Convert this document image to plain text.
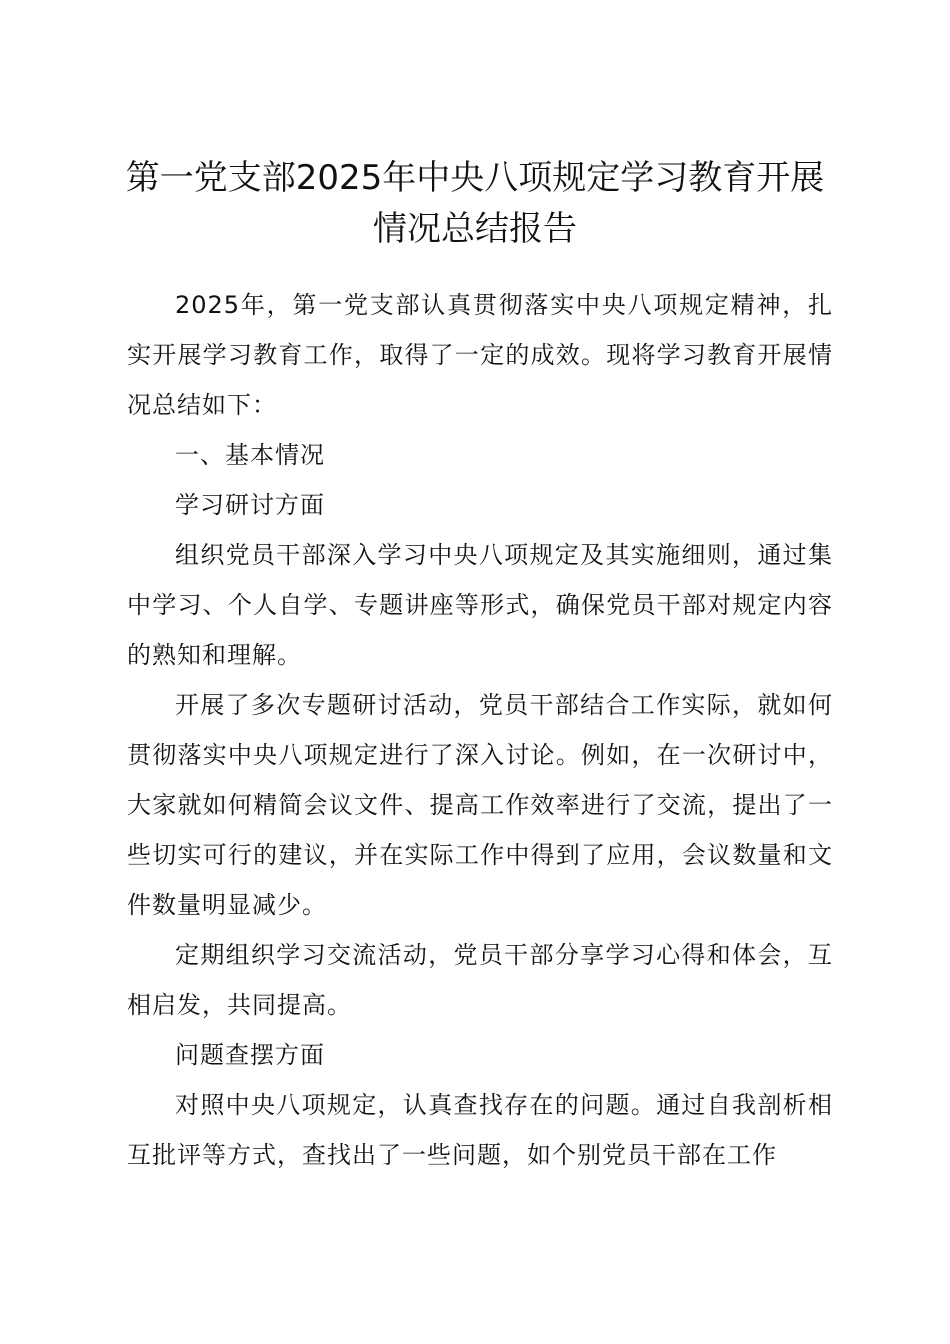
第一党支部2025年中央八项规定学习教育开展情况总结报告

2025年，第一党支部认真贯彻落实中央八项规定精神，扎实开展学习教育工作，取得了一定的成效。现将学习教育开展情况总结如下：

一、基本情况

学习研讨方面

组织党员干部深入学习中央八项规定及其实施细则，通过集中学习、个人自学、专题讲座等形式，确保党员干部对规定内容的熟知和理解。

开展了多次专题研讨活动，党员干部结合工作实际，就如何贯彻落实中央八项规定进行了深入讨论。例如，在一次研讨中，大家就如何精简会议文件、提高工作效率进行了交流，提出了一些切实可行的建议，并在实际工作中得到了应用，会议数量和文件数量明显减少。

定期组织学习交流活动，党员干部分享学习心得和体会，互相启发，共同提高。

问题查摆方面

对照中央八项规定，认真查找存在的问题。通过自我剖析相互批评等方式，查找出了一些问题，如个别党员干部在工作
